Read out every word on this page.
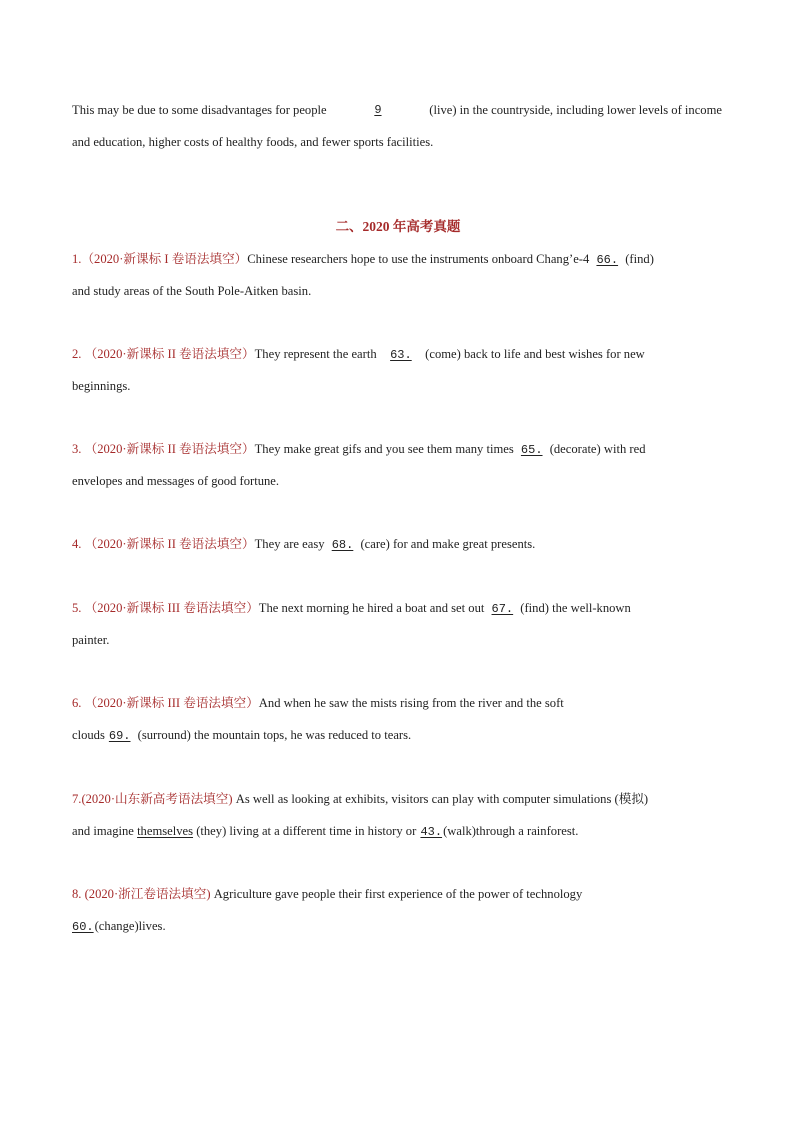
This may be due to some disadvantages for people	9	(live) in the countryside, including lower levels of income
and education, higher costs of healthy foods, and fewer sports facilities.
二、2020 年高考真题
1.（2020·新课标 I 卷语法填空）Chinese researchers hope to use the instruments onboard Chang’e-4 66. (find)
and study areas of the South Pole-Aitken basin.
2. （2020·新课标 II 卷语法填空）They represent the earth 63. (come) back to life and best wishes for new
beginnings.
3. （2020·新课标 II 卷语法填空）They make great gifs and you see them many times 65. (decorate) with red
envelopes and messages of good fortune.
4. （2020·新课标 II 卷语法填空）They are easy 68. (care) for and make great presents.
5. （2020·新课标 III 卷语法填空）The next morning he hired a boat and set out 67. (find) the well-known
painter.
6. （2020·新课标 III 卷语法填空）And when he saw the mists rising from the river and the soft
clouds 69. (surround) the mountain tops, he was reduced to tears.
7.(2020·山东新高考语法填空) As well as looking at exhibits, visitors can play with computer simulations (模拟)
and imagine themselves (they) living at a different time in history or 43.(walk)through a rainforest.
8. (2020·浙江卷语法填空) Agriculture gave people their first experience of the power of technology
60.(change)lives.
